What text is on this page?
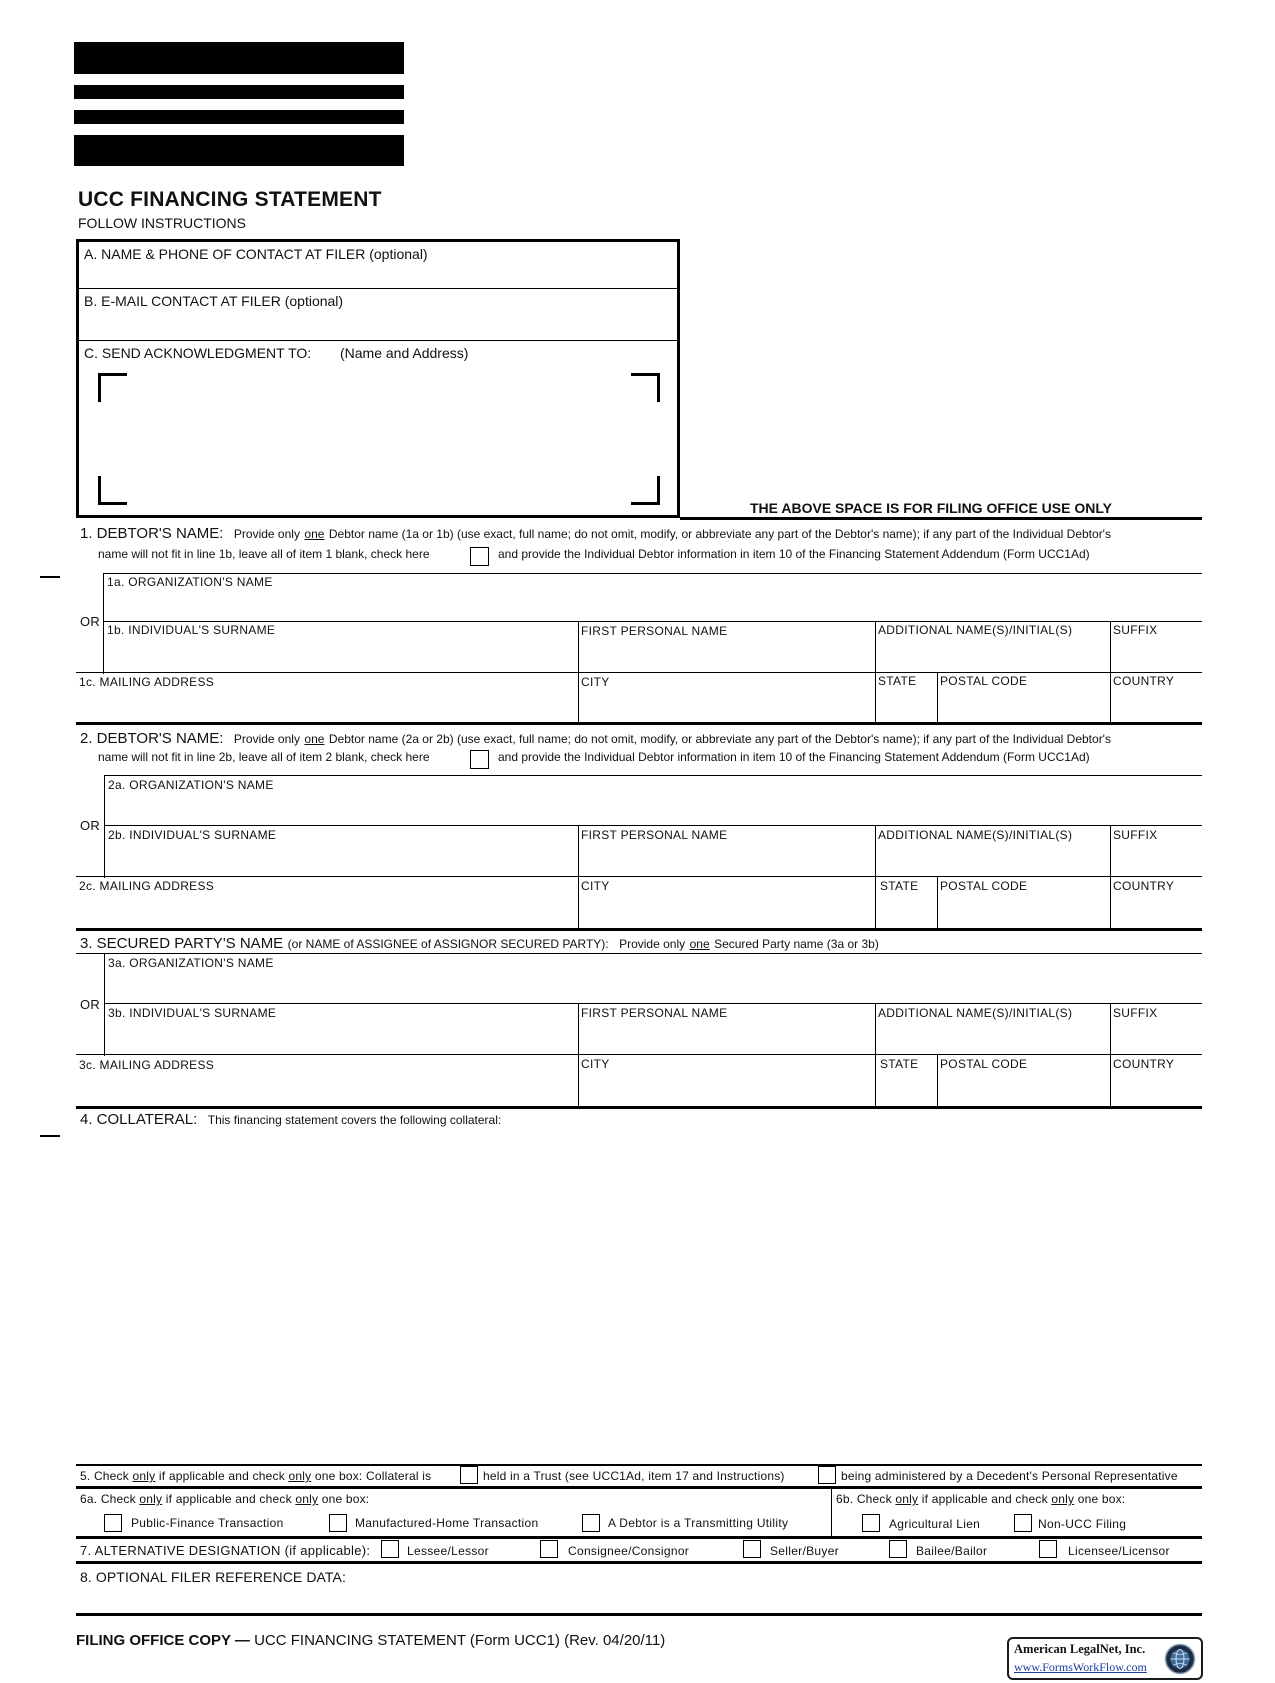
UCC FINANCING STATEMENT
FOLLOW INSTRUCTIONS
A. NAME & PHONE OF CONTACT AT FILER (optional)
B. E-MAIL CONTACT AT FILER (optional)
C. SEND ACKNOWLEDGMENT TO: (Name and Address)
THE ABOVE SPACE IS FOR FILING OFFICE USE ONLY
1. DEBTOR'S NAME: Provide only one Debtor name (1a or 1b) (use exact, full name; do not omit, modify, or abbreviate any part of the Debtor's name); if any part of the Individual Debtor's
name will not fit in line 1b, leave all of item 1 blank, check here	and provide the Individual Debtor information in item 10 of the Financing Statement Addendum (Form UCC1Ad)
1a. ORGANIZATION'S NAME
OR
1b. INDIVIDUAL'S SURNAME	FIRST PERSONAL NAME	ADDITIONAL NAME(S)/INITIAL(S)	SUFFIX
1c. MAILING ADDRESS	CITY	STATE POSTAL CODE	COUNTRY
2. DEBTOR'S NAME: Provide only one Debtor name (2a or 2b) (use exact, full name; do not omit, modify, or abbreviate any part of the Debtor's name); if any part of the Individual Debtor's
name will not fit in line 2b, leave all of item 2 blank, check here	and provide the Individual Debtor information in item 10 of the Financing Statement Addendum (Form UCC1Ad)
2a. ORGANIZATION'S NAME
OR
2b. INDIVIDUAL'S SURNAME	FIRST PERSONAL NAME	ADDITIONAL NAME(S)/INITIAL(S)	SUFFIX
2c. MAILING ADDRESS	CITY	STATE POSTAL CODE	COUNTRY
3. SECURED PARTY'S NAME (or NAME of ASSIGNEE of ASSIGNOR SECURED PARTY): Provide only one Secured Party name (3a or 3b)
3a. ORGANIZATION'S NAME
OR
3b. INDIVIDUAL'S SURNAME	FIRST PERSONAL NAME	ADDITIONAL NAME(S)/INITIAL(S)	SUFFIX
3c. MAILING ADDRESS	CITY	STATE POSTAL CODE	COUNTRY
4. COLLATERAL: This financing statement covers the following collateral:
5. Check only if applicable and check only one box: Collateral is	held in a Trust (see UCC1Ad, item 17 and Instructions)	being administered by a Decedent's Personal Representative
6a. Check only if applicable and check only one box:
Public-Finance Transaction	Manufactured-Home Transaction	A Debtor is a Transmitting Utility
6b. Check only if applicable and check only one box:
Agricultural Lien	Non-UCC Filing
7. ALTERNATIVE DESIGNATION (if applicable):	Lessee/Lessor	Consignee/Consignor	Seller/Buyer	Bailee/Bailor	Licensee/Licensor
8. OPTIONAL FILER REFERENCE DATA:
FILING OFFICE COPY — UCC FINANCING STATEMENT (Form UCC1) (Rev. 04/20/11)	American LegalNet, Inc.
www.FormsWorkFlow.com
